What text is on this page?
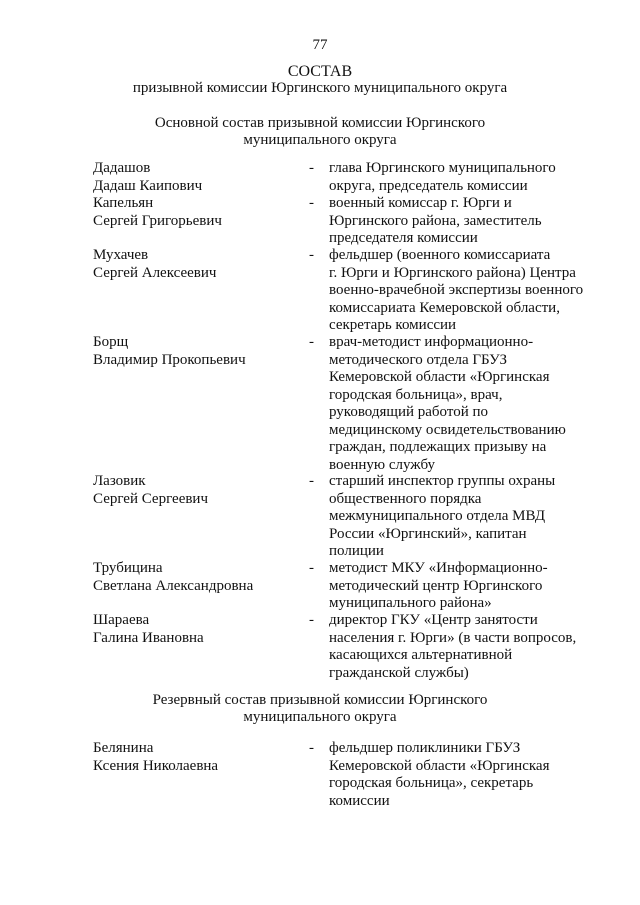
77
СОСТАВ
призывной комиссии Юргинского муниципального округа
Основной состав призывной комиссии Юргинского
муниципального округа
Дадашов
Дадаш Каипович
- глава Юргинского муниципального
округа, председатель комиссии
Капельян
Сергей Григорьевич
- военный комиссар г. Юрги и
Юргинского района, заместитель
председателя комиссии
Мухачев
Сергей Алексеевич
- фельдшер (военного комиссариата
г. Юрги и Юргинского района) Центра
военно-врачебной экспертизы военного
комиссариата Кемеровской области,
секретарь комиссии
Борщ
Владимир Прокопьевич
- врач-методист информационно-
методического отдела ГБУЗ
Кемеровской области «Юргинская
городская больница», врач,
руководящий работой по
медицинскому освидетельствованию
граждан, подлежащих призыву на
военную службу
Лазовик
Сергей Сергеевич
- старший инспектор группы охраны
общественного порядка
межмуниципального отдела МВД
России «Юргинский», капитан
полиции
Трубицина
Светлана Александровна
- методист МКУ «Информационно-
методический центр Юргинского
муниципального района»
Шараева
Галина Ивановна
- директор ГКУ «Центр занятости
населения г. Юрги» (в части вопросов,
касающихся альтернативной
гражданской службы)
Резервный состав призывной комиссии Юргинского
муниципального округа
Белянина
Ксения Николаевна
- фельдшер поликлиники ГБУЗ
Кемеровской области «Юргинская
городская больница», секретарь
комиссии
